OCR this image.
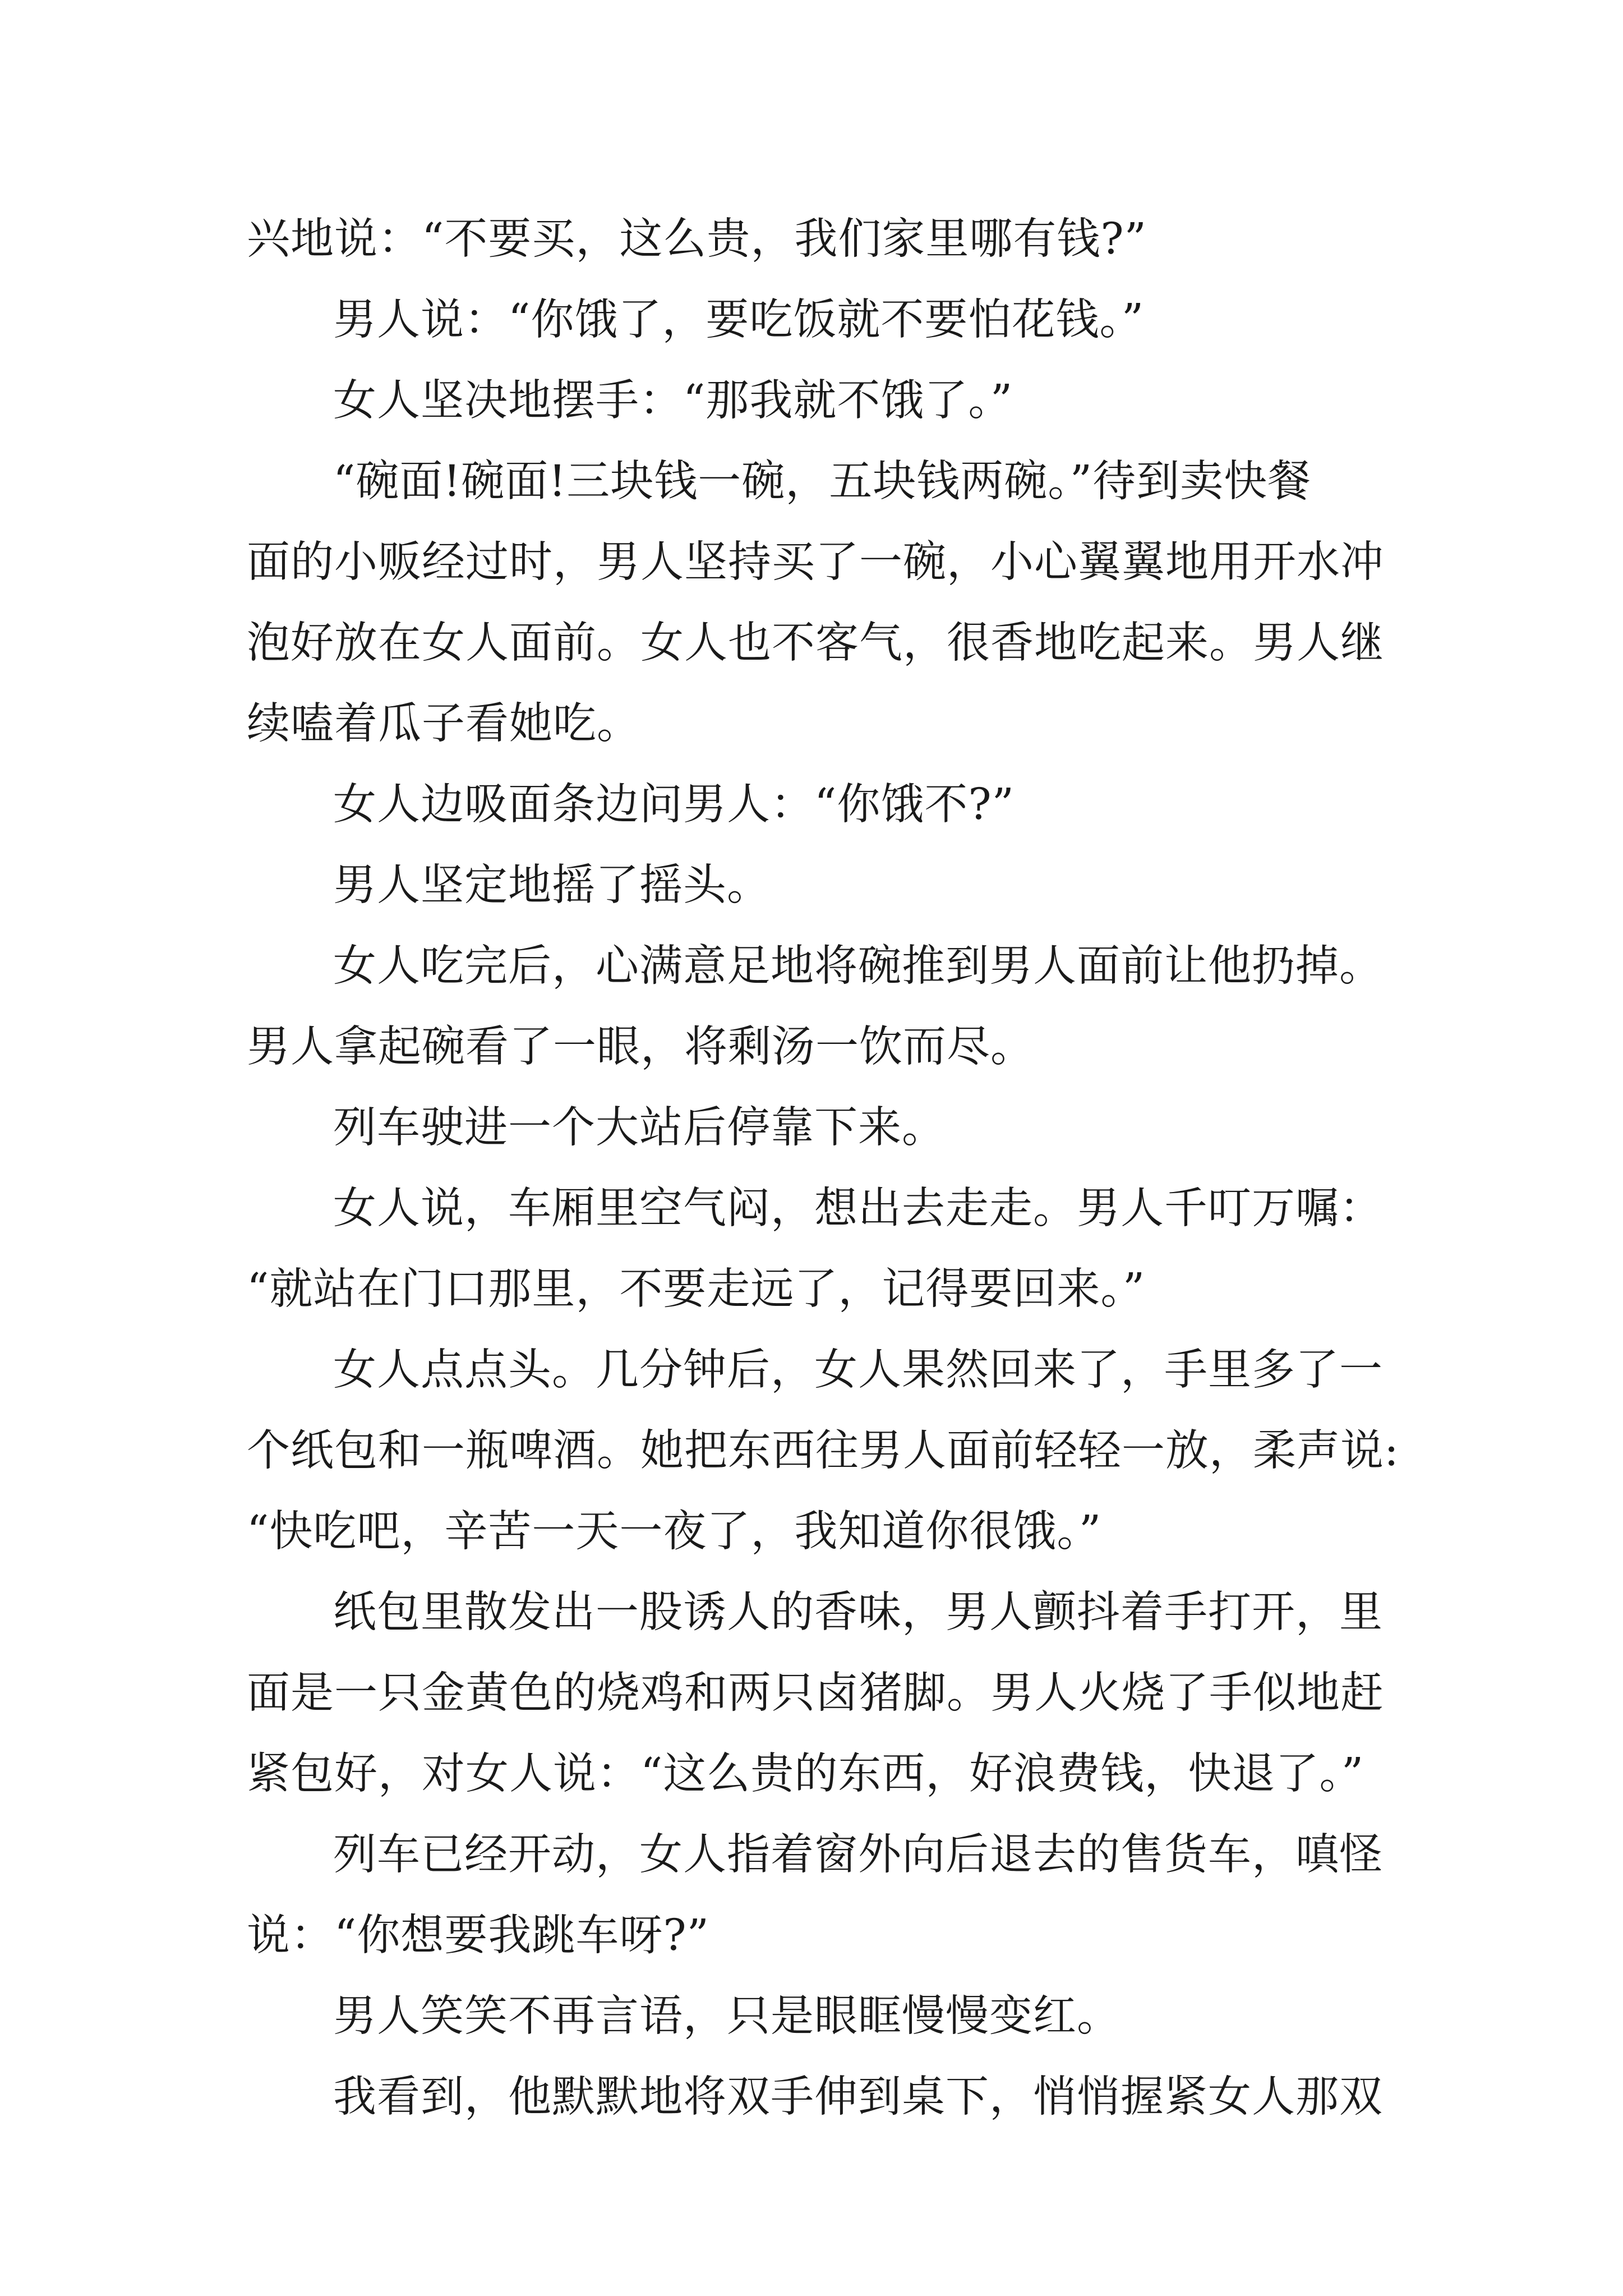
兴地说：“不要买，这么贵，我们家里哪有钱?”
男人说：“你饿了，要吃饭就不要怕花钱。”
女人坚决地摆手：“那我就不饿了。”
“碗面!碗面!三块钱一碗，五块钱两碗。”待到卖快餐
面的小贩经过时，男人坚持买了一碗，小心翼翼地用开水冲
泡好放在女人面前。女人也不客气，很香地吃起来。男人继
续嗑着瓜子看她吃。
女人边吸面条边问男人：“你饿不?”
男人坚定地摇了摇头。
女人吃完后，心满意足地将碗推到男人面前让他扔掉。
男人拿起碗看了一眼，将剩汤一饮而尽。
列车驶进一个大站后停靠下来。
女人说，车厢里空气闷，想出去走走。男人千叮万嘱：
“就站在门口那里，不要走远了，记得要回来。”
女人点点头。几分钟后，女人果然回来了，手里多了一
个纸包和一瓶啤酒。她把东西往男人面前轻轻一放，柔声说:
“快吃吧，辛苦一天一夜了，我知道你很饿。”
纸包里散发出一股诱人的香味，男人颤抖着手打开，里
面是一只金黄色的烧鸡和两只卤猪脚。男人火烧了手似地赶
紧包好，对女人说：“这么贵的东西，好浪费钱，快退了。”
列车已经开动，女人指着窗外向后退去的售货车，嗔怪
说：“你想要我跳车呀?”
男人笑笑不再言语，只是眼眶慢慢变红。
我看到，他默默地将双手伸到桌下，悄悄握紧女人那双
